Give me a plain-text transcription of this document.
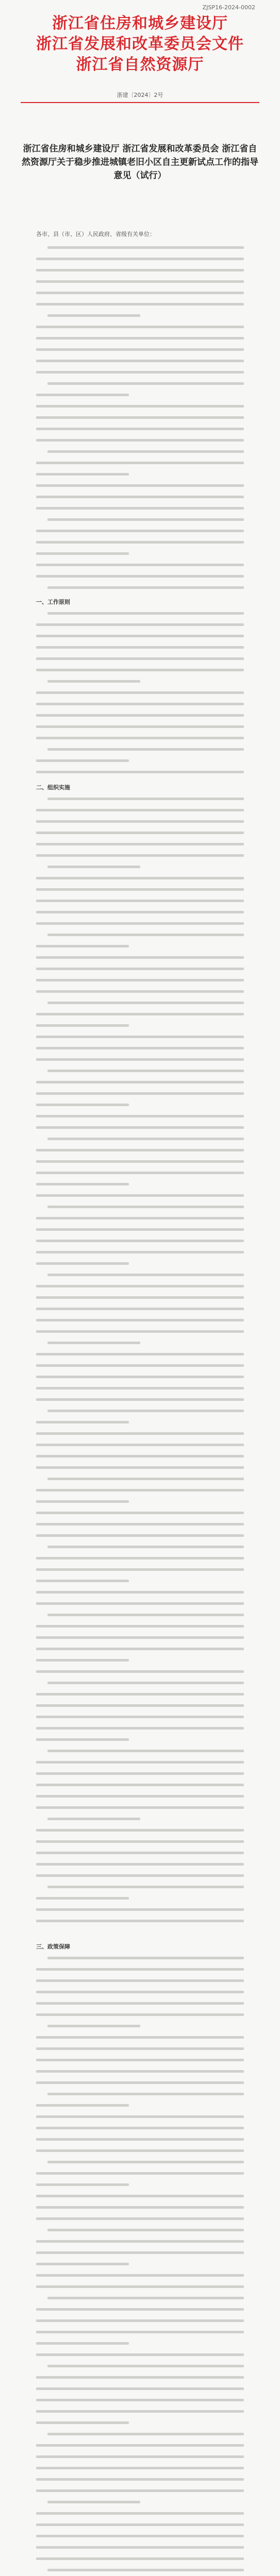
ZJSP16-2024-0002
浙江省住房和城乡建设厅
浙江省发展和改革委员会文件
浙江省自然资源厅
浙建〔2024〕2号
浙江省住房和城乡建设厅 浙江省发展和改革委员会 浙江省自然资源厅关于稳步推进城镇老旧小区自主更新试点工作的指导意见（试行）
各市、县（市、区）人民政府、省级有关单位：
一、工作原则
二、组织实施
三、政策保障
